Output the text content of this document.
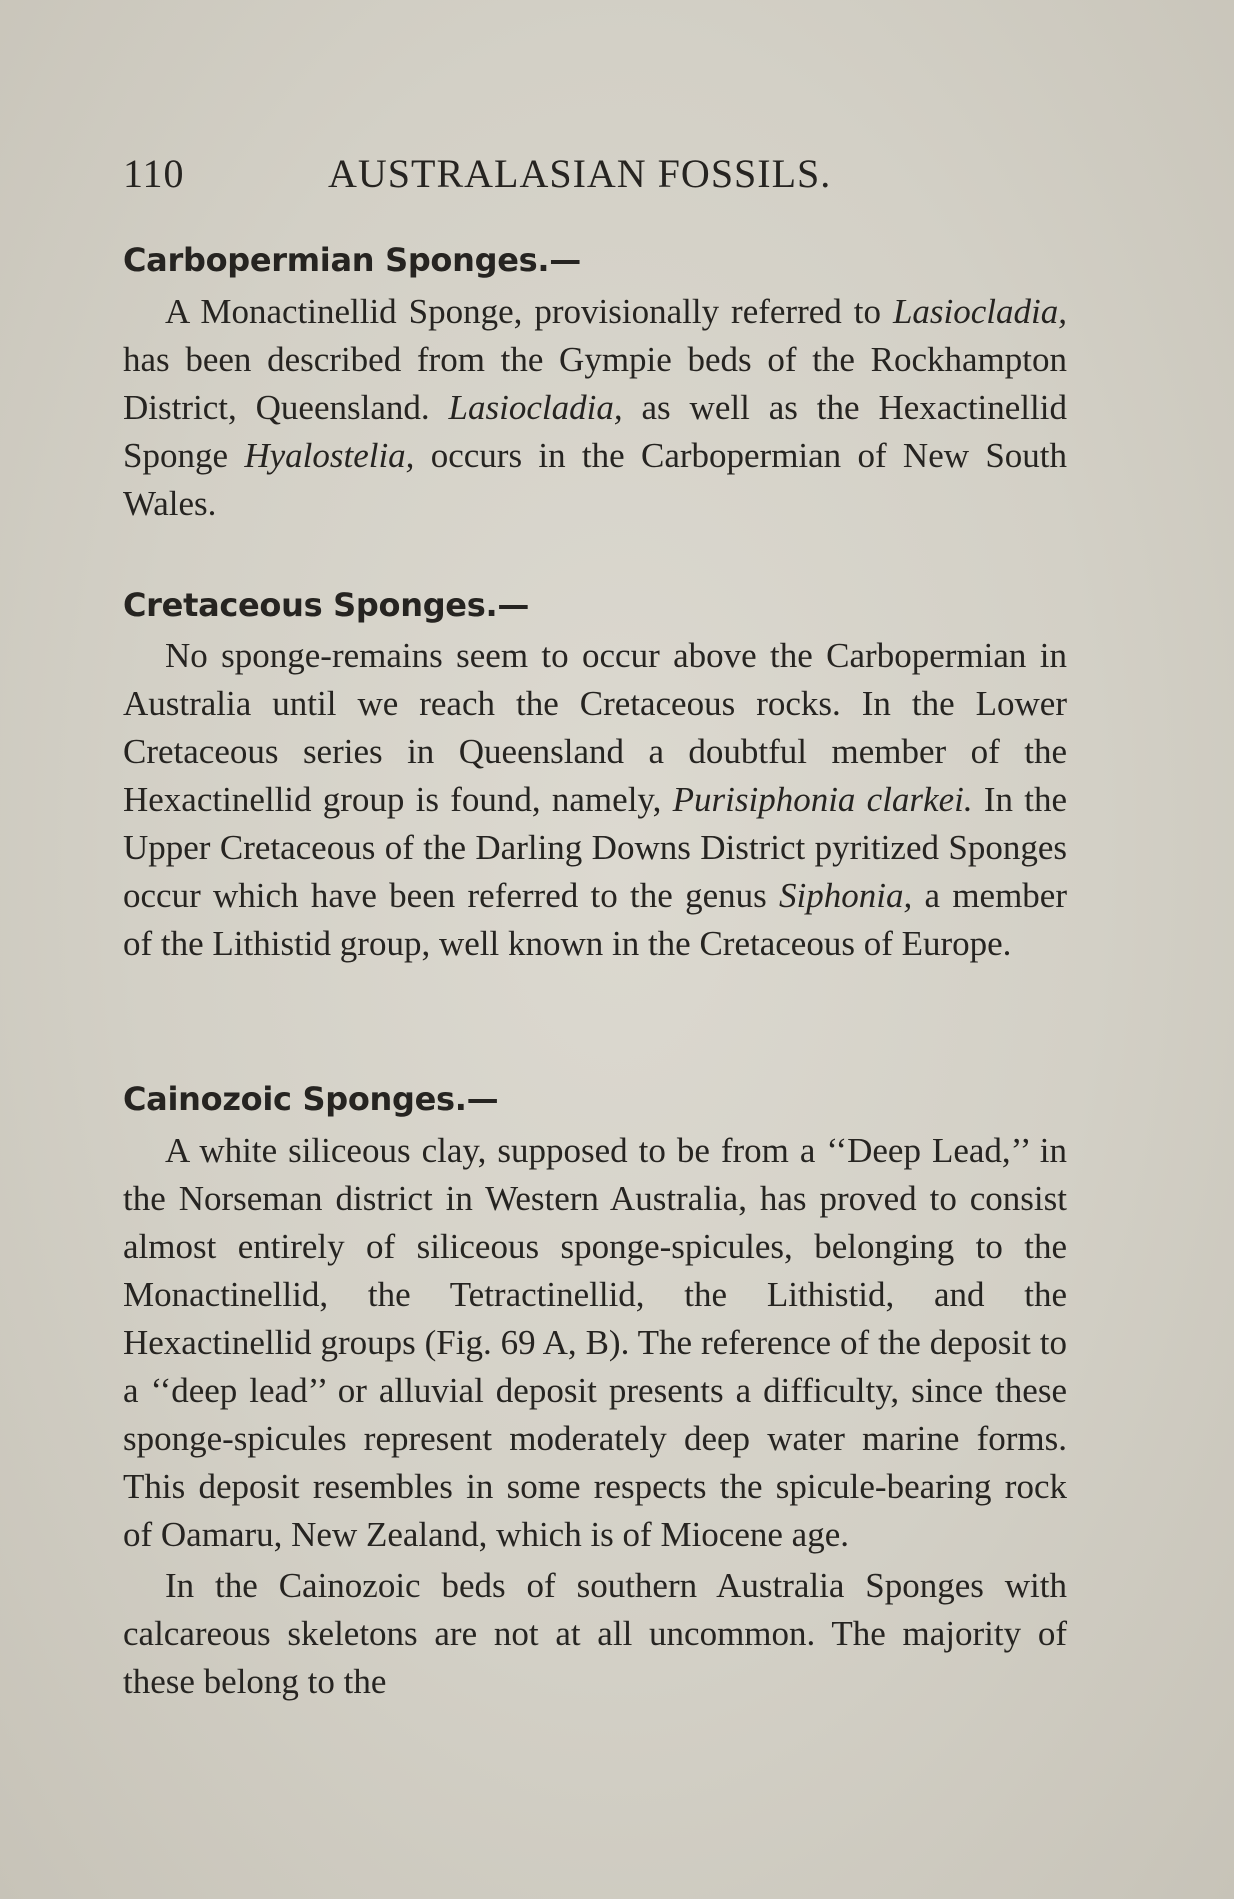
110	AUSTRALASIAN FOSSILS.
Carbopermian Sponges.—

A Monactinellid Sponge, provisionally referred to Lasiocladia, has been described from the Gympie beds of the Rockhampton District, Queensland. Lasiocladia, as well as the Hexactinellid Sponge Hyalostelia, occurs in the Carbopermian of New South Wales.

Cretaceous Sponges.—

No sponge-remains seem to occur above the Carbopermian in Australia until we reach the Cretaceous rocks. In the Lower Cretaceous series in Queensland a doubtful member of the Hexactinellid group is found, namely, Purisiphonia clarkei. In the Upper Cretaceous of the Darling Downs District pyritized Sponges occur which have been referred to the genus Siphonia, a member of the Lithistid group, well known in the Cretaceous of Europe.

Cainozoic Sponges.—

A white siliceous clay, supposed to be from a ‘‘Deep Lead,’’ in the Norseman district in Western Australia, has proved to consist almost entirely of siliceous sponge-spicules, belonging to the Monactinellid, the Tetractinellid, the Lithistid, and the Hexactinellid groups (Fig. 69 A, B). The reference of the deposit to a ‘‘deep lead’’ or alluvial deposit presents a difficulty, since these sponge-spicules represent moderately deep water marine forms. This deposit resembles in some respects the spicule-bearing rock of Oamaru, New Zealand, which is of Miocene age.

In the Cainozoic beds of southern Australia Sponges with calcareous skeletons are not at all uncommon. The majority of these belong to the
